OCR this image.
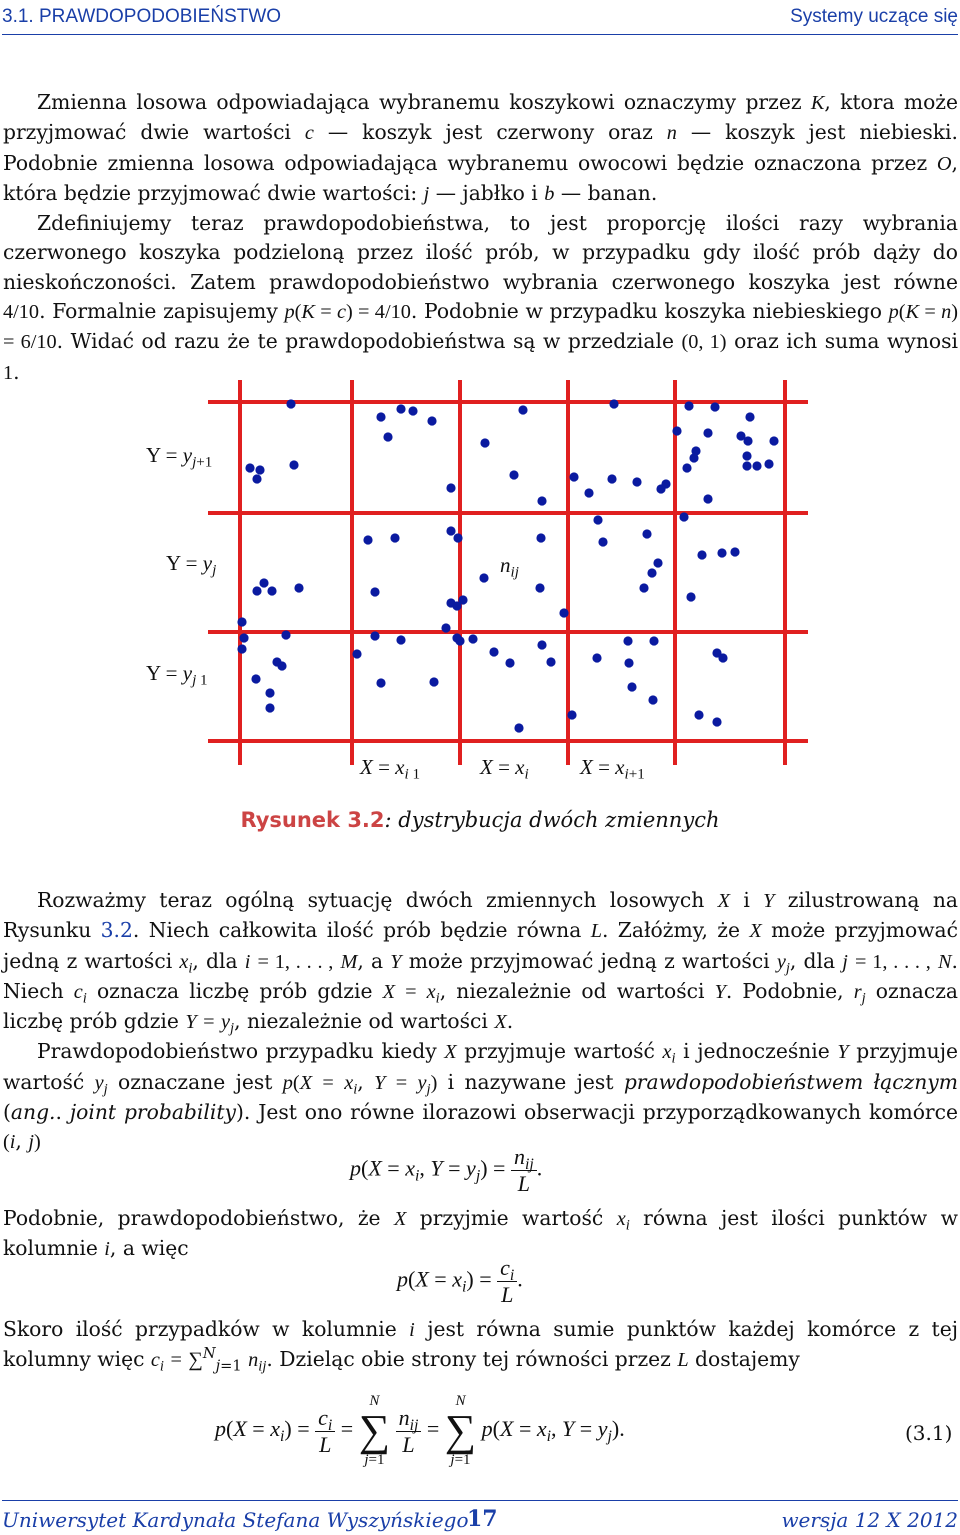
3.1. PRAWDOPODOBIEŃSTWO	Systemy uczące się

Zmienna losowa odpowiadająca wybranemu koszykowi oznaczymy przez K, ktora może przyjmować dwie wartości c — koszyk jest czerwony oraz n — koszyk jest niebieski. Podobnie zmienna losowa odpowiadająca wybranemu owocowi będzie oznaczona przez O, która będzie przyjmować dwie wartości: j — jabłko i b — banan.

Zdefiniujemy teraz prawdopodobieństwa, to jest proporcję ilości razy wybrania czerwonego koszyka podzieloną przez ilość prób, w przypadku gdy ilość prób dąży do nieskończoności. Zatem prawdopodobieństwo wybrania czerwonego koszyka jest równe 4/10. Formalnie zapisujemy p(K = c) = 4/10. Podobnie w przypadku koszyka niebieskiego p(K = n) = 6/10. Widać od razu że te prawdopodobieństwa są w przedziale (0, 1) oraz ich suma wynosi 1.

$Y = y_{j+1}$
$Y = y_j$
$Y = y_{j 1}$
$X = x_{i 1}$	$X = x_i$ $X = x_{i+1}$
$n_{ij}$
Rysunek 3.2: dystrybucja dwóch zmiennych

Rozważmy teraz ogólną sytuację dwóch zmiennych losowych X i Y zilustrowaną na Rysunku 3.2. Niech całkowita ilość prób będzie równa L. Załóżmy, że X może przyjmować jedną z wartości $x_i$, dla i = 1, . . . , M, a Y może przyjmować jedną z wartości $y_j$, dla j = 1, . . . , N. Niech $c_i$ oznacza liczbę prób gdzie $X = x_i$, niezależnie od wartości Y. Podobnie, $r_j$ oznacza liczbę prób gdzie $Y = y_j$, niezależnie od wartości X.

Prawdopodobieństwo przypadku kiedy X przyjmuje wartość $x_i$ i jednocześnie Y przyjmuje wartość $y_j$ oznaczane jest $p(X = x_i$, $Y = y_j$) i nazywane jest prawdopodobieństwem łącznym (ang.. joint probability). Jest ono równe ilorazowi obserwacji przyporządkowanych komórce (i, j)

$p(X = x_i$, $Y = y_j) = \frac{n_{ij}}{L}$ .

Podobnie, prawdopodobieństwo, że X przyjmie wartość $x_i$ równa jest ilości punktów w kolumnie i, a więc

$p(X = x_i) = \frac{c_i}{L}$ .

Skoro ilość przypadków w kolumnie i jest równa sumie punktów każdej komórce z tej kolumny więc $c_i = \sum^N_{j=1}$ $n_{ij}$. Dzieląc obie strony tej równości przez L dostajemy

$p(X = x_i) = \frac{c_i}{L}$ =
N
∑
j=1

$\frac{n_{ij}}{L}$ =
N
∑
j=1
$p(X = x_i$, $Y = y_j$).	(3.1)
Uniwersytet Kardynała Stefana Wyszyńskiego
17	wersja 12 X 2012
